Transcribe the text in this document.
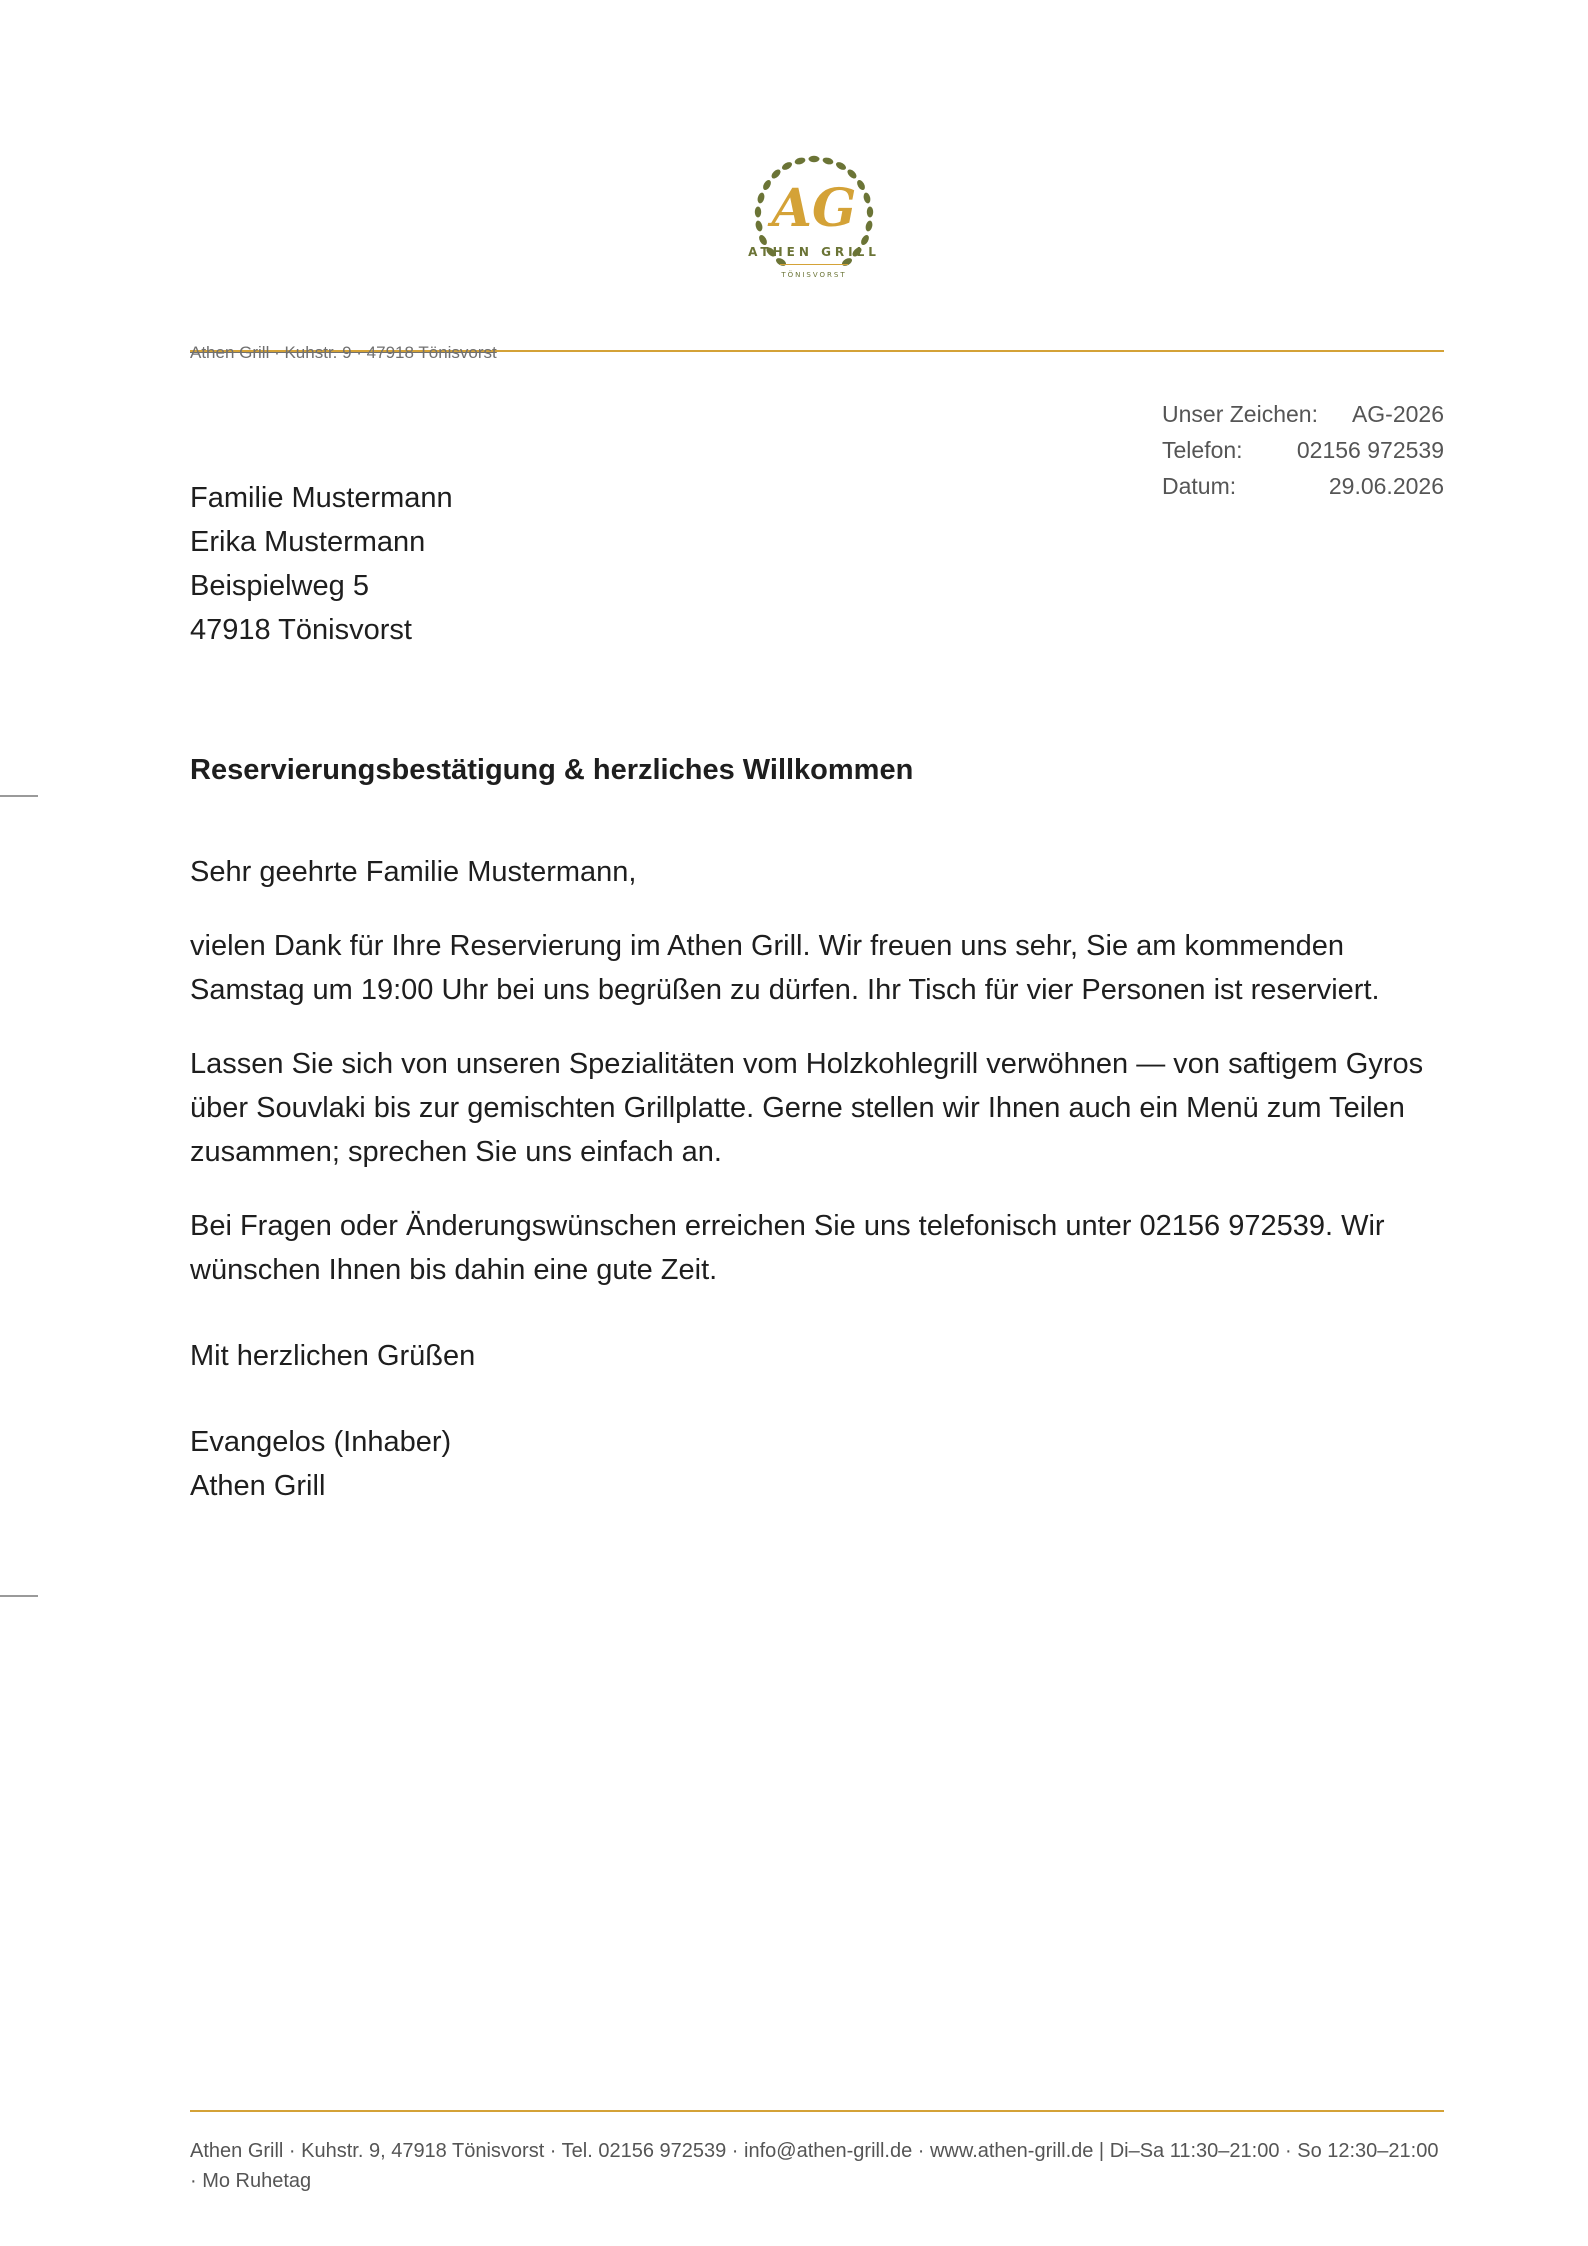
AG
ATHEN GRILL
TÖNISVORST
Athen Grill · Kuhstr. 9 · 47918 Tönisvorst
Unser Zeichen: AG-2026
Telefon: 02156 972539
Datum:	29.06.2026
Familie Mustermann
Erika Mustermann
Beispielweg 5
47918 Tönisvorst
Reservierungsbestätigung & herzliches Willkommen

Sehr geehrte Familie Mustermann,

vielen Dank für Ihre Reservierung im Athen Grill. Wir freuen uns sehr, Sie am kommenden Samstag um 19:00 Uhr bei uns begrüßen zu dürfen. Ihr Tisch für vier Personen ist reserviert.

Lassen Sie sich von unseren Spezialitäten vom Holzkohlegrill verwöhnen — von saftigem Gyros über Souvlaki bis zur gemischten Grillplatte. Gerne stellen wir Ihnen auch ein Menü zum Teilen zusammen; sprechen Sie uns einfach an.

Bei Fragen oder Änderungswünschen erreichen Sie uns telefonisch unter 02156 972539. Wir wünschen Ihnen bis dahin eine gute Zeit.

Mit herzlichen Grüßen

Evangelos (Inhaber)
Athen Grill
Athen Grill · Kuhstr. 9, 47918 Tönisvorst · Tel. 02156 972539 · info@athen-grill.de · www.athen-grill.de | Di–Sa 11:30–21:00 · So 12:30–21:00 · Mo Ruhetag
